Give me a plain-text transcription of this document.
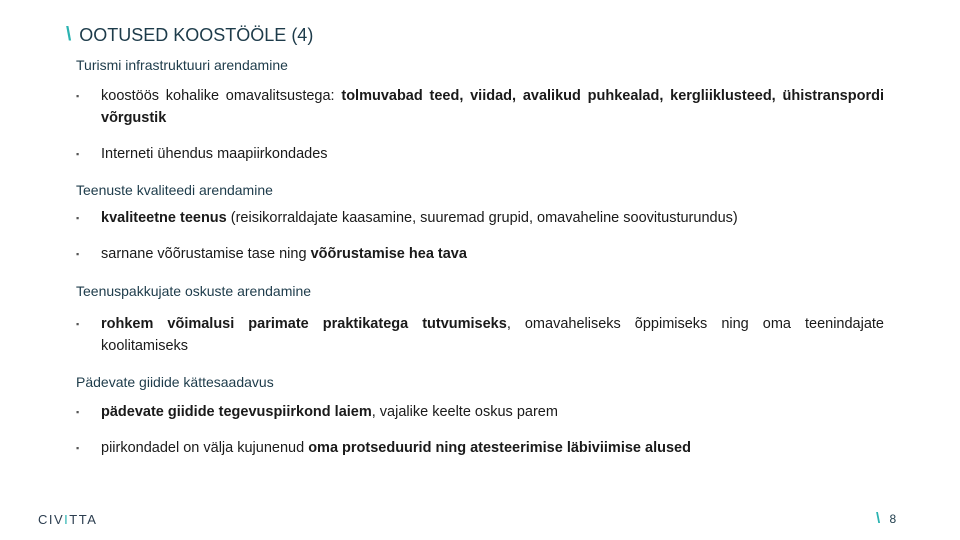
\ OOTUSED KOOSTÖÖLE (4)
Turismi infrastruktuuri arendamine
▪ koostöös kohalike omavalitsustega: tolmuvabad teed, viidad, avalikud puhkealad, kergliiklusteed, ühistranspordi võrgustik
▪ Interneti ühendus maapiirkondades
Teenuste kvaliteedi arendamine
▪ kvaliteetne teenus (reisikorraldajate kaasamine, suuremad grupid, omavaheline soovitusturundus)
▪ sarnane võõrustamise tase ning võõrustamise hea tava
Teenuspakkujate oskuste arendamine
▪ rohkem võimalusi parimate praktikatega tutvumiseks, omavaheliseks õppimiseks ning oma teenindajate koolitamiseks
Pädevate giidide kättesaadavus
▪ pädevate giidide tegevuspiirkond laiem, vajalike keelte oskus parem
▪ piirkondadel on välja kujunenud oma protseduurid ning atesteerimise läbiviimise alused
CIVITTA	\ 8
